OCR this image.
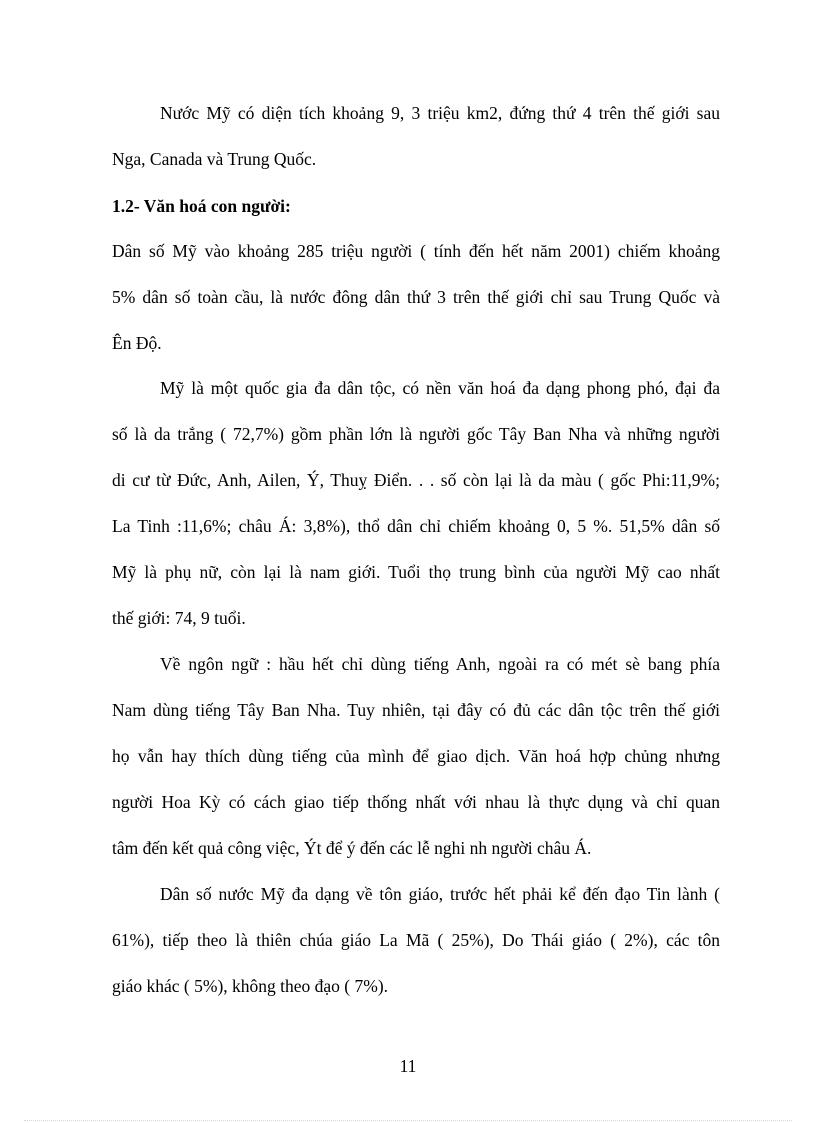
Nước Mỹ có diện tích khoảng 9, 3 triệu km2, đứng thứ 4 trên thế giới sau
Nga, Canada và Trung Quốc.
1.2- Văn hoá con người:
Dân số Mỹ vào khoảng 285 triệu người ( tính đến hết năm 2001) chiếm khoảng
5% dân số toàn cầu, là nước đông dân thứ 3 trên thế giới chỉ sau Trung Quốc và
Ên Độ.
Mỹ là một quốc gia đa dân tộc, có nền văn hoá đa dạng phong phó, đại đa
số là da trắng ( 72,7%) gồm phần lớn là người gốc Tây Ban Nha và những người
di cư từ Đức, Anh, Ailen, Ý, Thuỵ Điển. . . số còn lại là da màu ( gốc Phi:11,9%;
La Tinh :11,6%; châu Á: 3,8%), thổ dân chỉ chiếm khoảng 0, 5 %. 51,5% dân số
Mỹ là phụ nữ, còn lại là nam giới. Tuổi thọ trung bình của người Mỹ cao nhất
thế giới: 74, 9 tuổi.
Về ngôn ngữ : hầu hết chỉ dùng tiếng Anh, ngoài ra có mét sè bang phía
Nam dùng tiếng Tây Ban Nha. Tuy nhiên, tại đây có đủ các dân tộc trên thế giới
họ vẫn hay thích dùng tiếng của mình để giao dịch. Văn hoá hợp chủng nhưng
người Hoa Kỳ có cách giao tiếp thống nhất với nhau là thực dụng và chỉ quan
tâm đến kết quả công việc, Ýt để ý đến các lễ nghi nh người châu Á.
Dân số nước Mỹ đa dạng về tôn giáo, trước hết phải kể đến đạo Tin lành (
61%), tiếp theo là thiên chúa giáo La Mã ( 25%), Do Thái giáo ( 2%), các tôn
giáo khác ( 5%), không theo đạo ( 7%).
11
